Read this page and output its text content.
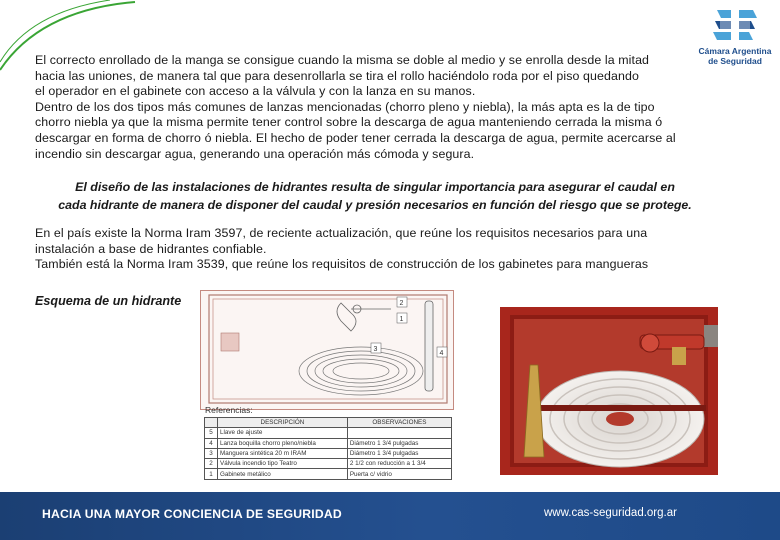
Cámara Argentina
de Seguridad
El correcto enrollado de la manga se consigue cuando la misma se doble al medio y se enrolla desde la mitad
hacia las uniones, de manera tal que para desenrollarla se tira el rollo haciéndolo roda por el piso quedando
el operador en el gabinete con acceso a la válvula y con la lanza en su manos.
Dentro de los dos tipos más comunes de lanzas mencionadas (chorro pleno y niebla), la más apta es la de tipo
chorro niebla ya que la misma permite tener control sobre la descarga de agua manteniendo cerrada la misma ó
descargar en forma de chorro ó niebla. El hecho de poder tener cerrada la descarga de agua, permite acercarse al
incendio sin descargar agua, generando una operación más cómoda y segura.
El diseño de las instalaciones de hidrantes resulta de singular importancia para asegurar el caudal en
cada hidrante de manera de disponer del caudal y presión necesarios en función del riesgo que se protege.
En el país existe la Norma Iram 3597, de reciente actualización, que reúne los requisitos necesarios para una
instalación a base de hidrantes confiable.
También está la Norma Iram 3539, que reúne los requisitos de construcción de los gabinetes para mangueras
Esquema de un hidrante
1
2
3
4
Referencias:
	DESCRIPCIÓN	OBSERVACIONES
5	Llave de ajuste	
4	Lanza boquilla chorro pleno/niebla	Diámetro 1 3/4 pulgadas
3	Manguera sintética 20 m IRAM	Diámetro 1 3/4 pulgadas
2	Válvula incendio tipo Teatro	2 1/2 con reducción a 1 3/4
1	Gabinete metálico	Puerta c/ vidrio
HACIA UNA MAYOR CONCIENCIA DE SEGURIDAD	www.cas-seguridad.org.ar
